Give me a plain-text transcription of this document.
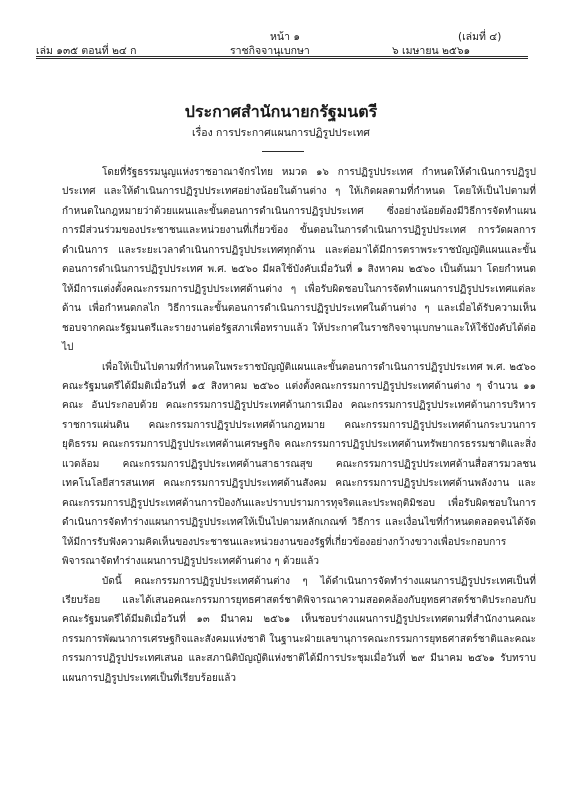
หน้า ๑	(เล่มที่ ๔)
เล่ม ๑๓๕ ตอนที่ ๒๔ ก	ราชกิจจานุเบกษา	๖ เมษายน ๒๕๖๑
ประกาศสำนักนายกรัฐมนตรี
เรื่อง การประกาศแผนการปฏิรูปประเทศ

โดยที่รัฐธรรมนูญแห่งราชอาณาจักรไทย หมวด ๑๖ การปฏิรูปประเทศ กำหนดให้ดำเนินการปฏิรูปประเทศ และให้ดำเนินการปฏิรูปประเทศอย่างน้อยในด้านต่าง ๆ ให้เกิดผลตามที่กำหนด โดยให้เป็นไปตามที่กำหนดในกฎหมายว่าด้วยแผนและขั้นตอนการดำเนินการปฏิรูปประเทศ ซึ่งอย่างน้อยต้องมีวิธีการจัดทำแผน การมีส่วนร่วมของประชาชนและหน่วยงานที่เกี่ยวข้อง ขั้นตอนในการดำเนินการปฏิรูปประเทศ การวัดผลการดำเนินการ และระยะเวลาดำเนินการปฏิรูปประเทศทุกด้าน และต่อมาได้มีการตราพระราชบัญญัติแผนและขั้นตอนการดำเนินการปฏิรูปประเทศ พ.ศ. ๒๕๖๐ มีผลใช้บังคับเมื่อวันที่ ๑ สิงหาคม ๒๕๖๐ เป็นต้นมา โดยกำหนดให้มีการแต่งตั้งคณะกรรมการปฏิรูปประเทศด้านต่าง ๆ เพื่อรับผิดชอบในการจัดทำแผนการปฏิรูปประเทศแต่ละด้าน เพื่อกำหนดกลไก วิธีการและขั้นตอนการดำเนินการปฏิรูปประเทศในด้านต่าง ๆ และเมื่อได้รับความเห็นชอบจากคณะรัฐมนตรีและรายงานต่อรัฐสภาเพื่อทราบแล้ว ให้ประกาศในราชกิจจานุเบกษาและให้ใช้บังคับได้ต่อไป

เพื่อให้เป็นไปตามที่กำหนดในพระราชบัญญัติแผนและขั้นตอนการดำเนินการปฏิรูปประเทศ พ.ศ. ๒๕๖๐ คณะรัฐมนตรีได้มีมติเมื่อวันที่ ๑๕ สิงหาคม ๒๕๖๐ แต่งตั้งคณะกรรมการปฏิรูปประเทศด้านต่าง ๆ จำนวน ๑๑ คณะ อันประกอบด้วย คณะกรรมการปฏิรูปประเทศด้านการเมือง คณะกรรมการปฏิรูปประเทศด้านการบริหารราชการแผ่นดิน คณะกรรมการปฏิรูปประเทศด้านกฎหมาย คณะกรรมการปฏิรูปประเทศด้านกระบวนการยุติธรรม คณะกรรมการปฏิรูปประเทศด้านเศรษฐกิจ คณะกรรมการปฏิรูปประเทศด้านทรัพยากรธรรมชาติและสิ่งแวดล้อม คณะกรรมการปฏิรูปประเทศด้านสาธารณสุข คณะกรรมการปฏิรูปประเทศด้านสื่อสารมวลชน เทคโนโลยีสารสนเทศ คณะกรรมการปฏิรูปประเทศด้านสังคม คณะกรรมการปฏิรูปประเทศด้านพลังงาน และคณะกรรมการปฏิรูปประเทศด้านการป้องกันและปราบปรามการทุจริตและประพฤติมิชอบ เพื่อรับผิดชอบในการดำเนินการจัดทำร่างแผนการปฏิรูปประเทศให้เป็นไปตามหลักเกณฑ์ วิธีการ และเงื่อนไขที่กำหนดตลอดจนได้จัดให้มีการรับฟังความคิดเห็นของประชาชนและหน่วยงานของรัฐที่เกี่ยวข้องอย่างกว้างขวางเพื่อประกอบการพิจารณาจัดทำร่างแผนการปฏิรูปประเทศด้านต่าง ๆ ด้วยแล้ว

บัดนี้ คณะกรรมการปฏิรูปประเทศด้านต่าง ๆ ได้ดำเนินการจัดทำร่างแผนการปฏิรูปประเทศเป็นที่เรียบร้อย และได้เสนอคณะกรรมการยุทธศาสตร์ชาติพิจารณาความสอดคล้องกับยุทธศาสตร์ชาติประกอบกับคณะรัฐมนตรีได้มีมติเมื่อวันที่ ๑๓ มีนาคม ๒๕๖๑ เห็นชอบร่างแผนการปฏิรูปประเทศตามที่สำนักงานคณะกรรมการพัฒนาการเศรษฐกิจและสังคมแห่งชาติ ในฐานะฝ่ายเลขานุการคณะกรรมการยุทธศาสตร์ชาติและคณะกรรมการปฏิรูปประเทศเสนอ และสภานิติบัญญัติแห่งชาติได้มีการประชุมเมื่อวันที่ ๒๙ มีนาคม ๒๕๖๑ รับทราบแผนการปฏิรูปประเทศเป็นที่เรียบร้อยแล้ว
